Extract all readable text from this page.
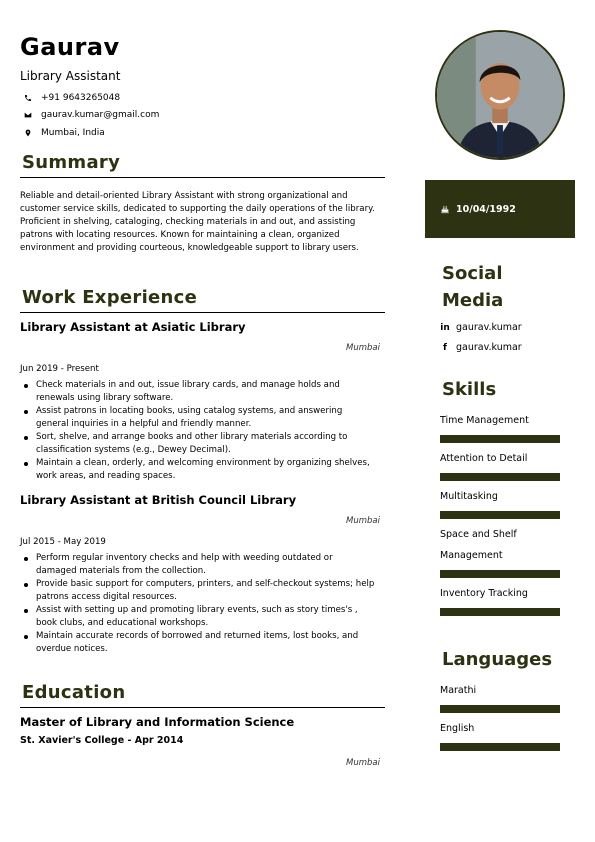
Gaurav
Library Assistant
+91 9643265048
gaurav.kumar@gmail.com
Mumbai, India
Summary
Reliable and detail-oriented Library Assistant with strong organizational and customer service skills, dedicated to supporting the daily operations of the library. Proficient in shelving, cataloging, checking materials in and out, and assisting patrons with locating resources. Known for maintaining a clean, organized environment and providing courteous, knowledgeable support to library users.
Work Experience
Library Assistant at Asiatic Library
Mumbai
Jun 2019 - Present
Check materials in and out, issue library cards, and manage holds and renewals using library software.
Assist patrons in locating books, using catalog systems, and answering general inquiries in a helpful and friendly manner.
Sort, shelve, and arrange books and other library materials according to classification systems (e.g., Dewey Decimal).
Maintain a clean, orderly, and welcoming environment by organizing shelves, work areas, and reading spaces.
Library Assistant at British Council Library
Mumbai
Jul 2015 - May 2019
Perform regular inventory checks and help with weeding outdated or damaged materials from the collection.
Provide basic support for computers, printers, and self-checkout systems; help patrons access digital resources.
Assist with setting up and promoting library events, such as story times's , book clubs, and educational workshops.
Maintain accurate records of borrowed and returned items, lost books, and overdue notices.
Education
Master of Library and Information Science
St. Xavier's College - Apr 2014
Mumbai
10/04/1992
Social
Media
in gaurav.kumar
f gaurav.kumar
Skills
Time Management
Attention to Detail
Multitasking
Space and Shelf Management
Inventory Tracking
Languages
Marathi
English
